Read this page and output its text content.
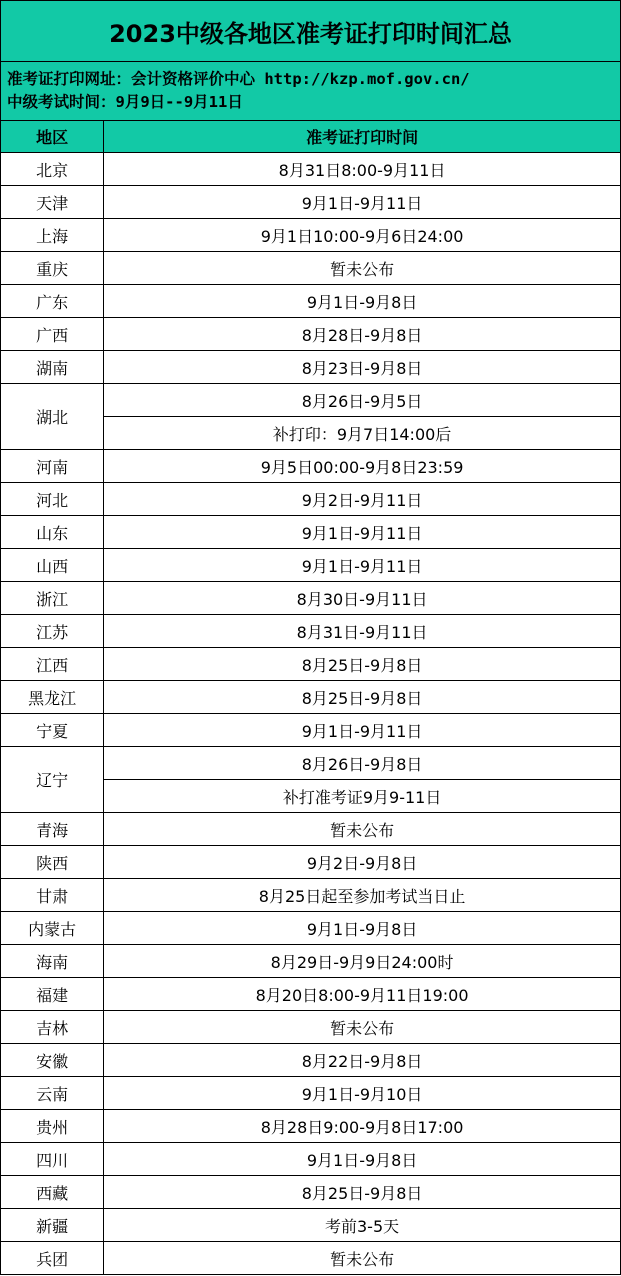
2023中级各地区准考证打印时间汇总	

准考证打印网址：会计资格评价中心 http://kzp.mof.gov.cn/
中级考试时间：9月9日--9月11日	

地区	准考证打印时间
北京	8月31日8:00-9月11日
天津	9月1日-9月11日
上海	9月1日10:00-9月6日24:00
重庆	暂未公布
广东	9月1日-9月8日
广西	8月28日-9月8日
湖南	8月23日-9月8日
湖北	8月26日-9月5日
	补打印：9月7日14:00后
河南	9月5日00:00-9月8日23:59
河北	9月2日-9月11日
山东	9月1日-9月11日
山西	9月1日-9月11日
浙江	8月30日-9月11日
江苏	8月31日-9月11日
江西	8月25日-9月8日
黑龙江	8月25日-9月8日
宁夏	9月1日-9月11日
辽宁	8月26日-9月8日
	补打准考证9月9-11日
青海	暂未公布
陕西	9月2日-9月8日
甘肃	8月25日起至参加考试当日止
内蒙古	9月1日-9月8日
海南	8月29日-9月9日24:00时
福建	8月20日8:00-9月11日19:00
吉林	暂未公布
安徽	8月22日-9月8日
云南	9月1日-9月10日
贵州	8月28日9:00-9月8日17:00
四川	9月1日-9月8日
西藏	8月25日-9月8日
新疆	考前3-5天
兵团	暂未公布
